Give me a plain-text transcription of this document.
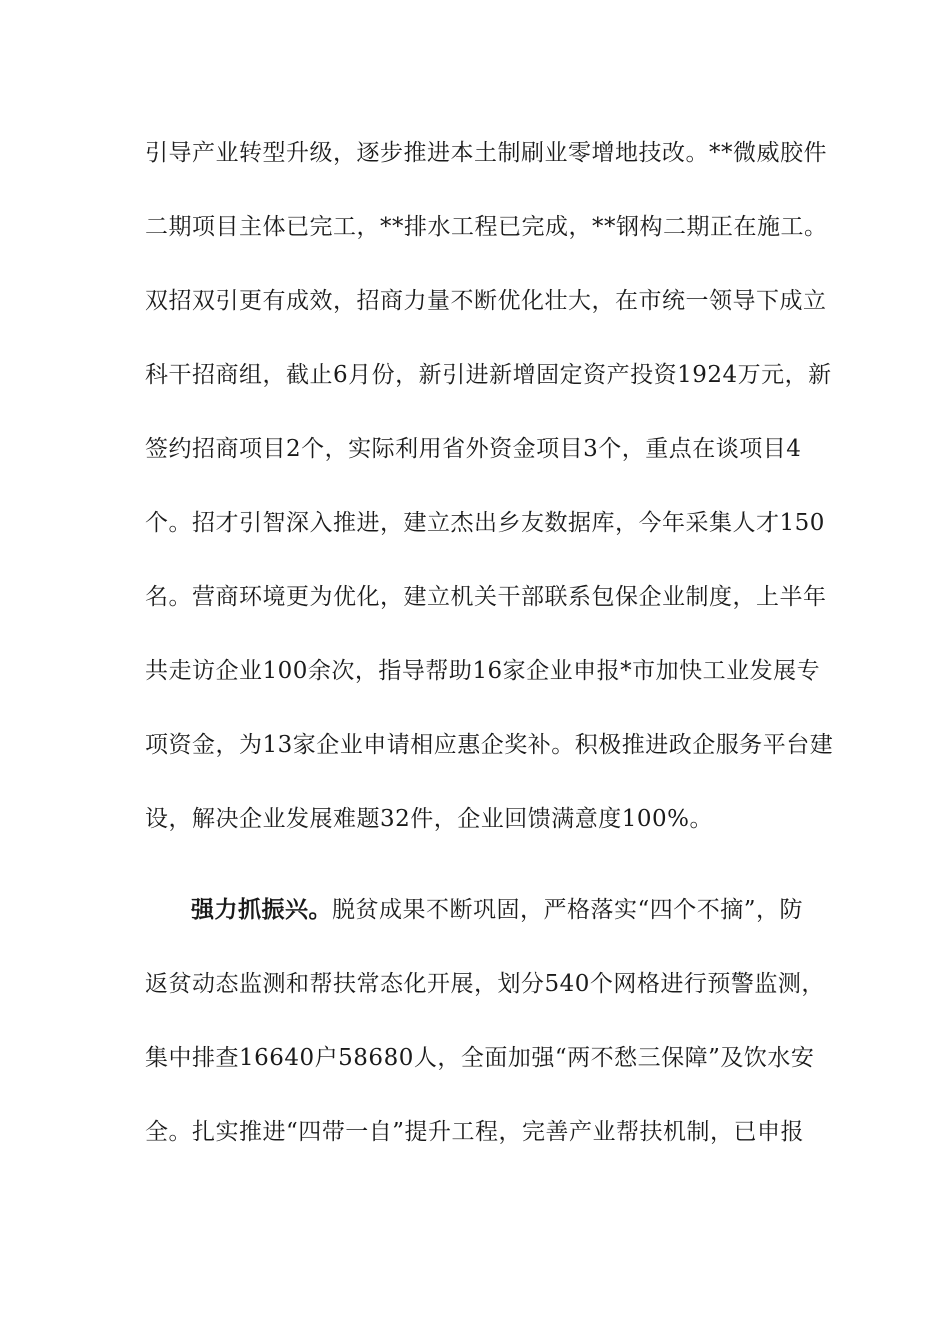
引导产业转型升级，逐步推进本土制刷业零增地技改。**微威胶件
二期项目主体已完工，**排水工程已完成，**钢构二期正在施工。
双招双引更有成效，招商力量不断优化壮大，在市统一领导下成立
科干招商组，截止6月份，新引进新增固定资产投资1924万元，新
签约招商项目2个，实际利用省外资金项目3个，重点在谈项目4
个。招才引智深入推进，建立杰出乡友数据库，今年采集人才150
名。营商环境更为优化，建立机关干部联系包保企业制度，上半年
共走访企业100余次，指导帮助16家企业申报*市加快工业发展专
项资金，为13家企业申请相应惠企奖补。积极推进政企服务平台建
设，解决企业发展难题32件，企业回馈满意度100%。
强力抓振兴。脱贫成果不断巩固，严格落实“四个不摘”，防
返贫动态监测和帮扶常态化开展，划分540个网格进行预警监测，
集中排查16640户58680人，全面加强“两不愁三保障”及饮水安
全。扎实推进“四带一自”提升工程，完善产业帮扶机制，已申报
